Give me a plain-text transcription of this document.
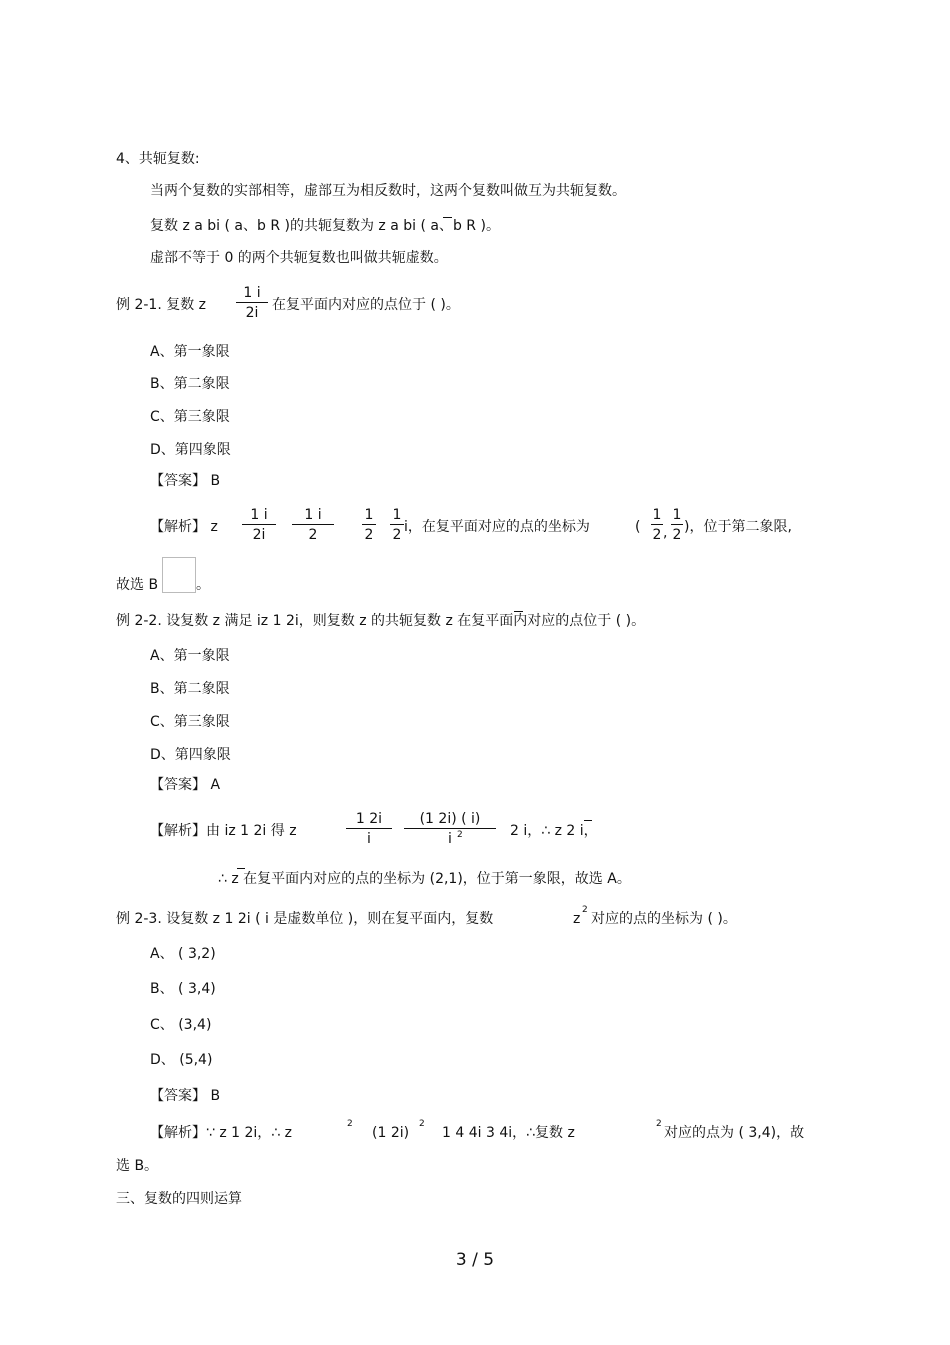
4、共轭复数:
当两个复数的实部相等，虚部互为相反数时，这两个复数叫做互为共轭复数。
复数 z a bi ( a、b R )的共轭复数为 z a bi ( a、b R )。
虚部不等于 0 的两个共轭复数也叫做共轭虚数。
例 2-1. 复数 z
1 i
2i 在复平面内对应的点位于 ( )。
A、第一象限
B、第二象限
C、第三象限
D、第四象限
【答案】 B
【解析】 z
1 i
2i
1 i
2
1
2
1
2 i，在复平面对应的点的坐标为	(
1
2 ,
1
2 )，位于第二象限,
故选 B	。
例 2-2. 设复数 z 满足 iz 1 2i，则复数 z 的共轭复数 z 在复平面内对应的点位于 ( )。
A、第一象限
B、第二象限
C、第三象限
D、第四象限
【答案】 A
【解析】由 iz 1 2i 得 z
1 2i
i
(1 2i) ( i)
i 2	2 i，∴ z 2 i，
∴ z 在复平面内对应的点的坐标为 (2,1)，位于第一象限，故选 A。
例 2-3. 设复数 z 1 2i ( i 是虚数单位 )，则在复平面内，复数	z
2
对应的点的坐标为 ( )。
A、 ( 3,2)
B、 ( 3,4)
C、 (3,4)
D、 (5,4)
【答案】 B
【解析】∵ z 1 2i，∴ z
2
(1 2i)
2
1 4 4i 3 4i，∴复数 z
2
对应的点为 ( 3,4)，故
选 B。
三、复数的四则运算
3 / 5
